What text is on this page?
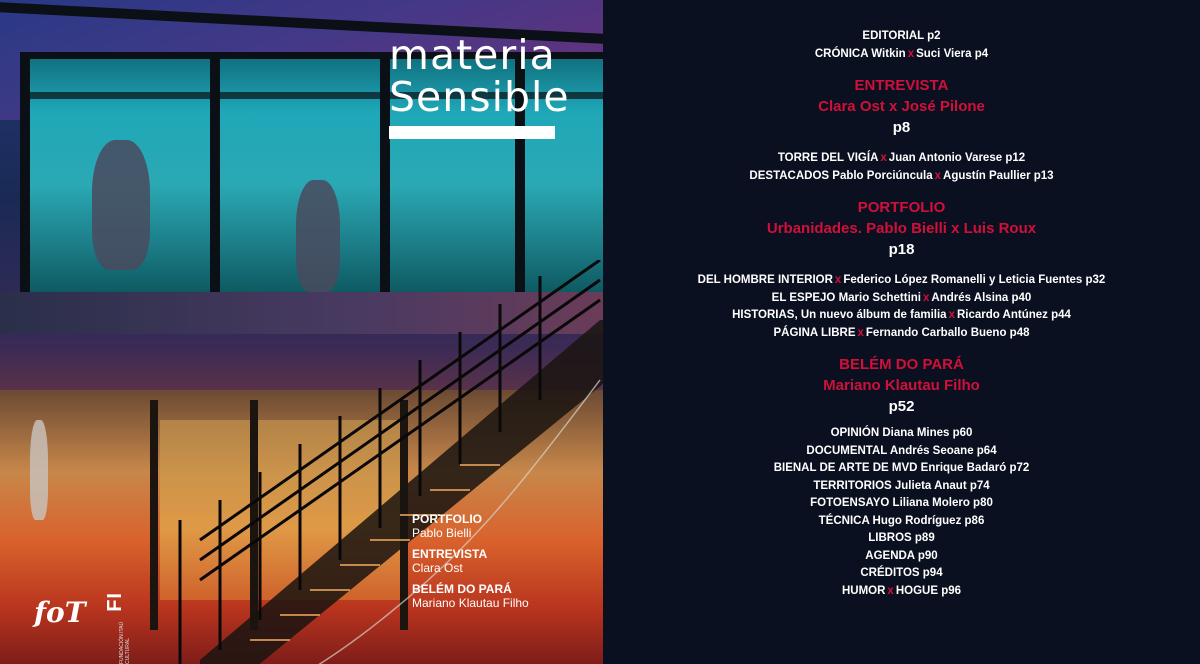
materia
Sensible
PORTFOLIO
Pablo Bielli
ENTREVISTA
Clara Ost
BELÉM DO PARÁ
Mariano Klautau Filho
foT FI
FUNDACIÓN ITAÚ CULTURAL
EDITORIAL p2
CRÓNICA Witkin x Suci Viera p4
ENTREVISTA
Clara Ost x José Pilone
p8
TORRE DEL VIGÍA x Juan Antonio Varese p12
DESTACADOS Pablo Porciúncula x Agustín Paullier p13
PORTFOLIO
Urbanidades. Pablo Bielli x Luis Roux
p18
DEL HOMBRE INTERIOR x Federico López Romanelli y Leticia Fuentes p32
EL ESPEJO Mario Schettini x Andrés Alsina p40
HISTORIAS, Un nuevo álbum de familia x Ricardo Antúnez p44
PÁGINA LIBRE x Fernando Carballo Bueno p48
BELÉM DO PARÁ
Mariano Klautau Filho
p52
OPINIÓN Diana Mines p60
DOCUMENTAL Andrés Seoane p64
BIENAL DE ARTE DE MVD Enrique Badaró p72
TERRITORIOS Julieta Anaut p74
FOTOENSAYO Liliana Molero p80
TÉCNICA Hugo Rodríguez p86
LIBROS p89
AGENDA p90
CRÉDITOS p94
HUMOR x HOGUE p96
